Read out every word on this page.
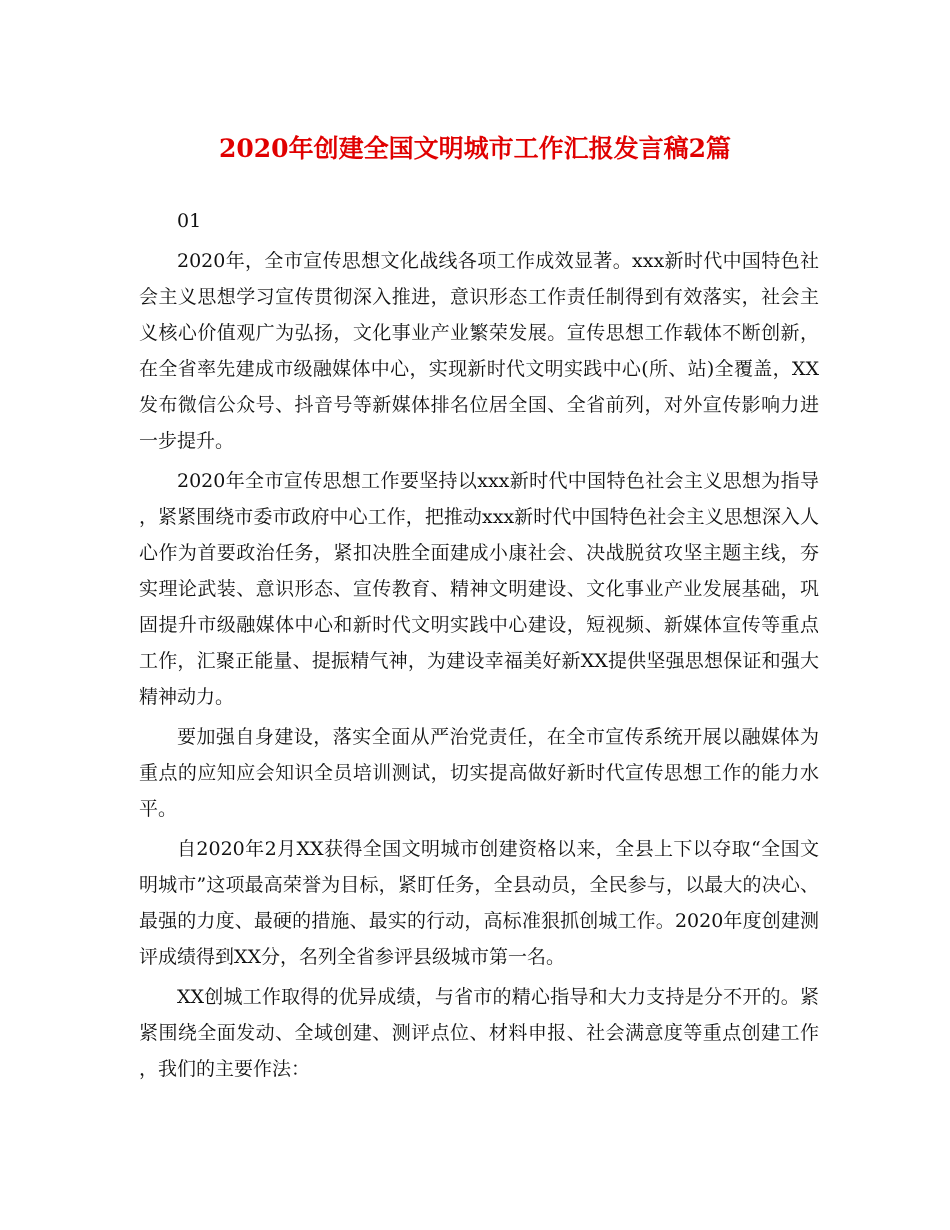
2020年创建全国文明城市工作汇报发言稿2篇

01

2020年，全市宣传思想文化战线各项工作成效显著。xxx新时代中国特色社会主义思想学习宣传贯彻深入推进，意识形态工作责任制得到有效落实，社会主义核心价值观广为弘扬，文化事业产业繁荣发展。宣传思想工作载体不断创新，在全省率先建成市级融媒体中心，实现新时代文明实践中心(所、站)全覆盖，XX发布微信公众号、抖音号等新媒体排名位居全国、全省前列，对外宣传影响力进一步提升。

2020年全市宣传思想工作要坚持以xxx新时代中国特色社会主义思想为指导，紧紧围绕市委市政府中心工作，把推动xxx新时代中国特色社会主义思想深入人心作为首要政治任务，紧扣决胜全面建成小康社会、决战脱贫攻坚主题主线，夯实理论武装、意识形态、宣传教育、精神文明建设、文化事业产业发展基础，巩固提升市级融媒体中心和新时代文明实践中心建设，短视频、新媒体宣传等重点工作，汇聚正能量、提振精气神，为建设幸福美好新XX提供坚强思想保证和强大精神动力。

要加强自身建设，落实全面从严治党责任，在全市宣传系统开展以融媒体为重点的应知应会知识全员培训测试，切实提高做好新时代宣传思想工作的能力水平。

自2020年2月XX获得全国文明城市创建资格以来，全县上下以夺取“全国文明城市”这项最高荣誉为目标，紧盯任务，全县动员，全民参与，以最大的决心、最强的力度、最硬的措施、最实的行动，高标准狠抓创城工作。2020年度创建测评成绩得到XX分，名列全省参评县级城市第一名。

XX创城工作取得的优异成绩，与省市的精心指导和大力支持是分不开的。紧紧围绕全面发动、全域创建、测评点位、材料申报、社会满意度等重点创建工作，我们的主要作法：
